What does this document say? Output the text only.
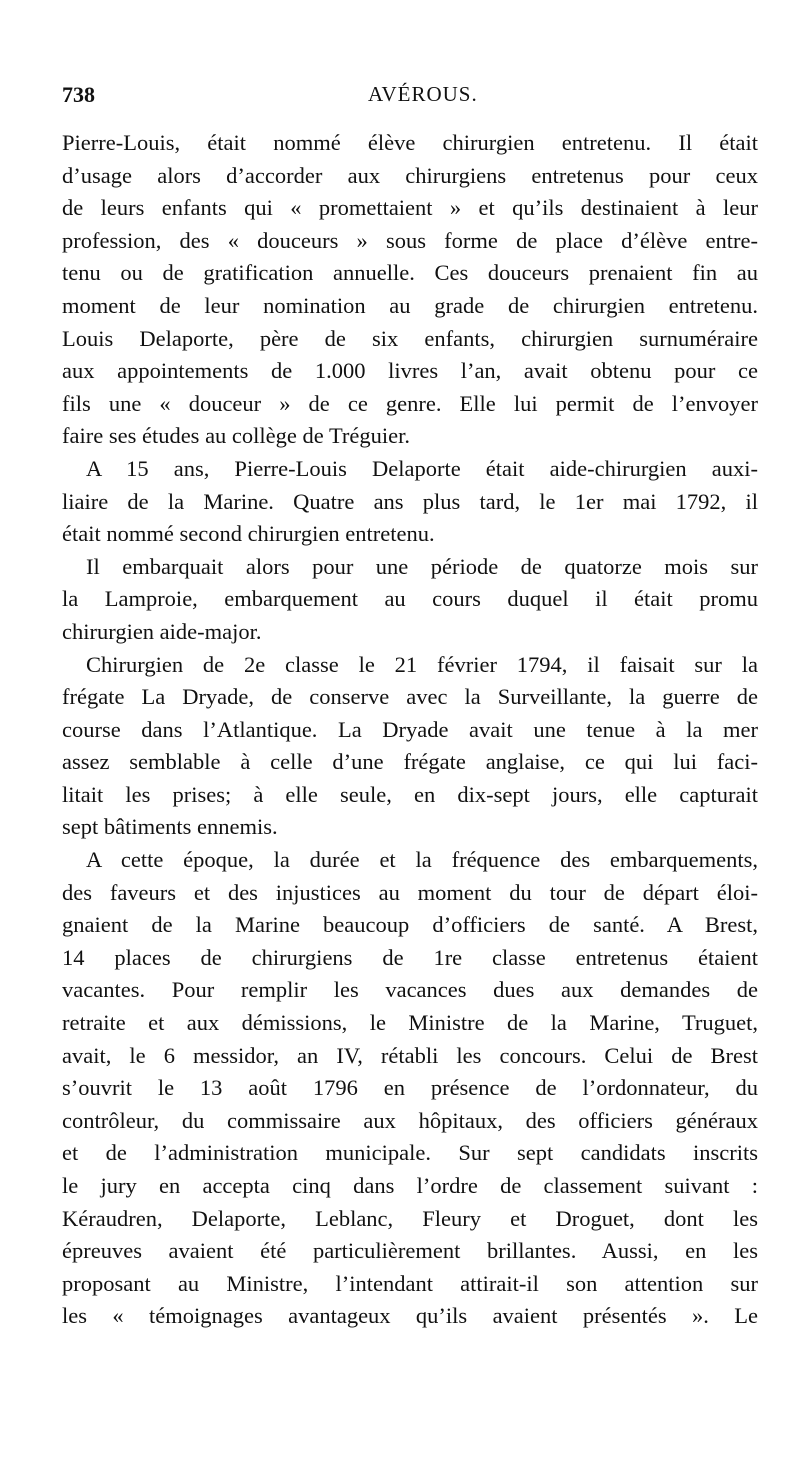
738	AVÉROUS.
Pierre-Louis, était nommé élève chirurgien entretenu. Il était
d’usage alors d’accorder aux chirurgiens entretenus pour ceux
de leurs enfants qui « promettaient » et qu’ils destinaient à leur
profession, des « douceurs » sous forme de place d’élève entre-
tenu ou de gratification annuelle. Ces douceurs prenaient fin au
moment de leur nomination au grade de chirurgien entretenu.
Louis Delaporte, père de six enfants, chirurgien surnuméraire
aux appointements de 1.000 livres l’an, avait obtenu pour ce
fils une « douceur » de ce genre. Elle lui permit de l’envoyer
faire ses études au collège de Tréguier.
A 15 ans, Pierre-Louis Delaporte était aide-chirurgien auxi-
liaire de la Marine. Quatre ans plus tard, le 1er mai 1792, il
était nommé second chirurgien entretenu.
Il embarquait alors pour une période de quatorze mois sur
la Lamproie, embarquement au cours duquel il était promu
chirurgien aide-major.
Chirurgien de 2e classe le 21 février 1794, il faisait sur la
frégate La Dryade, de conserve avec la Surveillante, la guerre de
course dans l’Atlantique. La Dryade avait une tenue à la mer
assez semblable à celle d’une frégate anglaise, ce qui lui faci-
litait les prises; à elle seule, en dix-sept jours, elle capturait
sept bâtiments ennemis.
A cette époque, la durée et la fréquence des embarquements,
des faveurs et des injustices au moment du tour de départ éloi-
gnaient de la Marine beaucoup d’officiers de santé. A Brest,
14 places de chirurgiens de 1re classe entretenus étaient
vacantes. Pour remplir les vacances dues aux demandes de
retraite et aux démissions, le Ministre de la Marine, Truguet,
avait, le 6 messidor, an IV, rétabli les concours. Celui de Brest
s’ouvrit le 13 août 1796 en présence de l’ordonnateur, du
contrôleur, du commissaire aux hôpitaux, des officiers généraux
et de l’administration municipale. Sur sept candidats inscrits
le jury en accepta cinq dans l’ordre de classement suivant :
Kéraudren, Delaporte, Leblanc, Fleury et Droguet, dont les
épreuves avaient été particulièrement brillantes. Aussi, en les
proposant au Ministre, l’intendant attirait-il son attention sur
les « témoignages avantageux qu’ils avaient présentés ». Le
